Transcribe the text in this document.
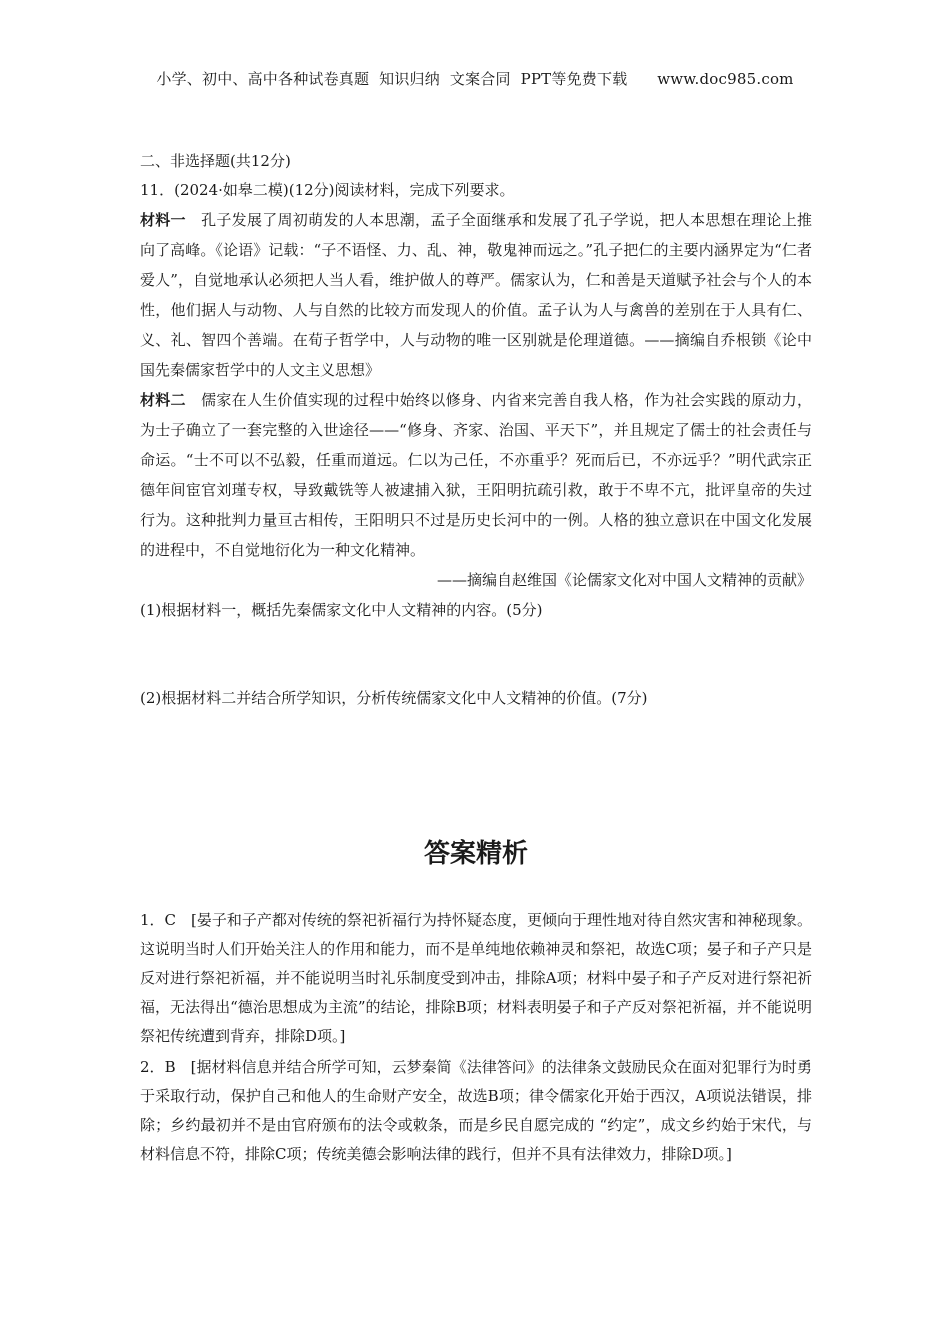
小学、初中、高中各种试卷真题  知识归纳  文案合同  PPT等免费下载      www.doc985.com

二、非选择题(共12分)

11．(2024·如皋二模)(12分)阅读材料，完成下列要求。

材料一　孔子发展了周初萌发的人本思潮，孟子全面继承和发展了孔子学说，把人本思想在理论上推向了高峰。《论语》记载：“子不语怪、力、乱、神，敬鬼神而远之。”孔子把仁的主要内涵界定为“仁者爱人”，自觉地承认必须把人当人看，维护做人的尊严。儒家认为，仁和善是天道赋予社会与个人的本性，他们据人与动物、人与自然的比较方而发现人的价值。孟子认为人与禽兽的差别在于人具有仁、义、礼、智四个善端。在荀子哲学中，人与动物的唯一区别就是伦理道德。——摘编自乔根锁《论中国先秦儒家哲学中的人文主义思想》

材料二　儒家在人生价值实现的过程中始终以修身、内省来完善自我人格，作为社会实践的原动力，为士子确立了一套完整的入世途径——“修身、齐家、治国、平天下”，并且规定了儒士的社会责任与命运。“士不可以不弘毅，任重而道远。仁以为己任，不亦重乎？死而后已，不亦远乎？”明代武宗正德年间宦官刘瑾专权，导致戴铣等人被逮捕入狱，王阳明抗疏引救，敢于不卑不亢，批评皇帝的失过行为。这种批判力量亘古相传，王阳明只不过是历史长河中的一例。人格的独立意识在中国文化发展的进程中，不自觉地衍化为一种文化精神。

——摘编自赵维国《论儒家文化对中国人文精神的贡献》

(1)根据材料一，概括先秦儒家文化中人文精神的内容。(5分)

(2)根据材料二并结合所学知识，分析传统儒家文化中人文精神的价值。(7分)

答案精析

1．C　[晏子和子产都对传统的祭祀祈福行为持怀疑态度，更倾向于理性地对待自然灾害和神秘现象。这说明当时人们开始关注人的作用和能力，而不是单纯地依赖神灵和祭祀，故选C项；晏子和子产只是反对进行祭祀祈福，并不能说明当时礼乐制度受到冲击，排除A项；材料中晏子和子产反对进行祭祀祈福，无法得出“德治思想成为主流”的结论，排除B项；材料表明晏子和子产反对祭祀祈福，并不能说明祭祀传统遭到背弃，排除D项。]

2．B　[据材料信息并结合所学可知，云梦秦简《法律答问》的法律条文鼓励民众在面对犯罪行为时勇于采取行动，保护自己和他人的生命财产安全，故选B项；律令儒家化开始于西汉，A项说法错误，排除；乡约最初并不是由官府颁布的法令或敕条，而是乡民自愿完成的 “约定”，成文乡约始于宋代，与材料信息不符，排除C项；传统美德会影响法律的践行，但并不具有法律效力，排除D项。]
